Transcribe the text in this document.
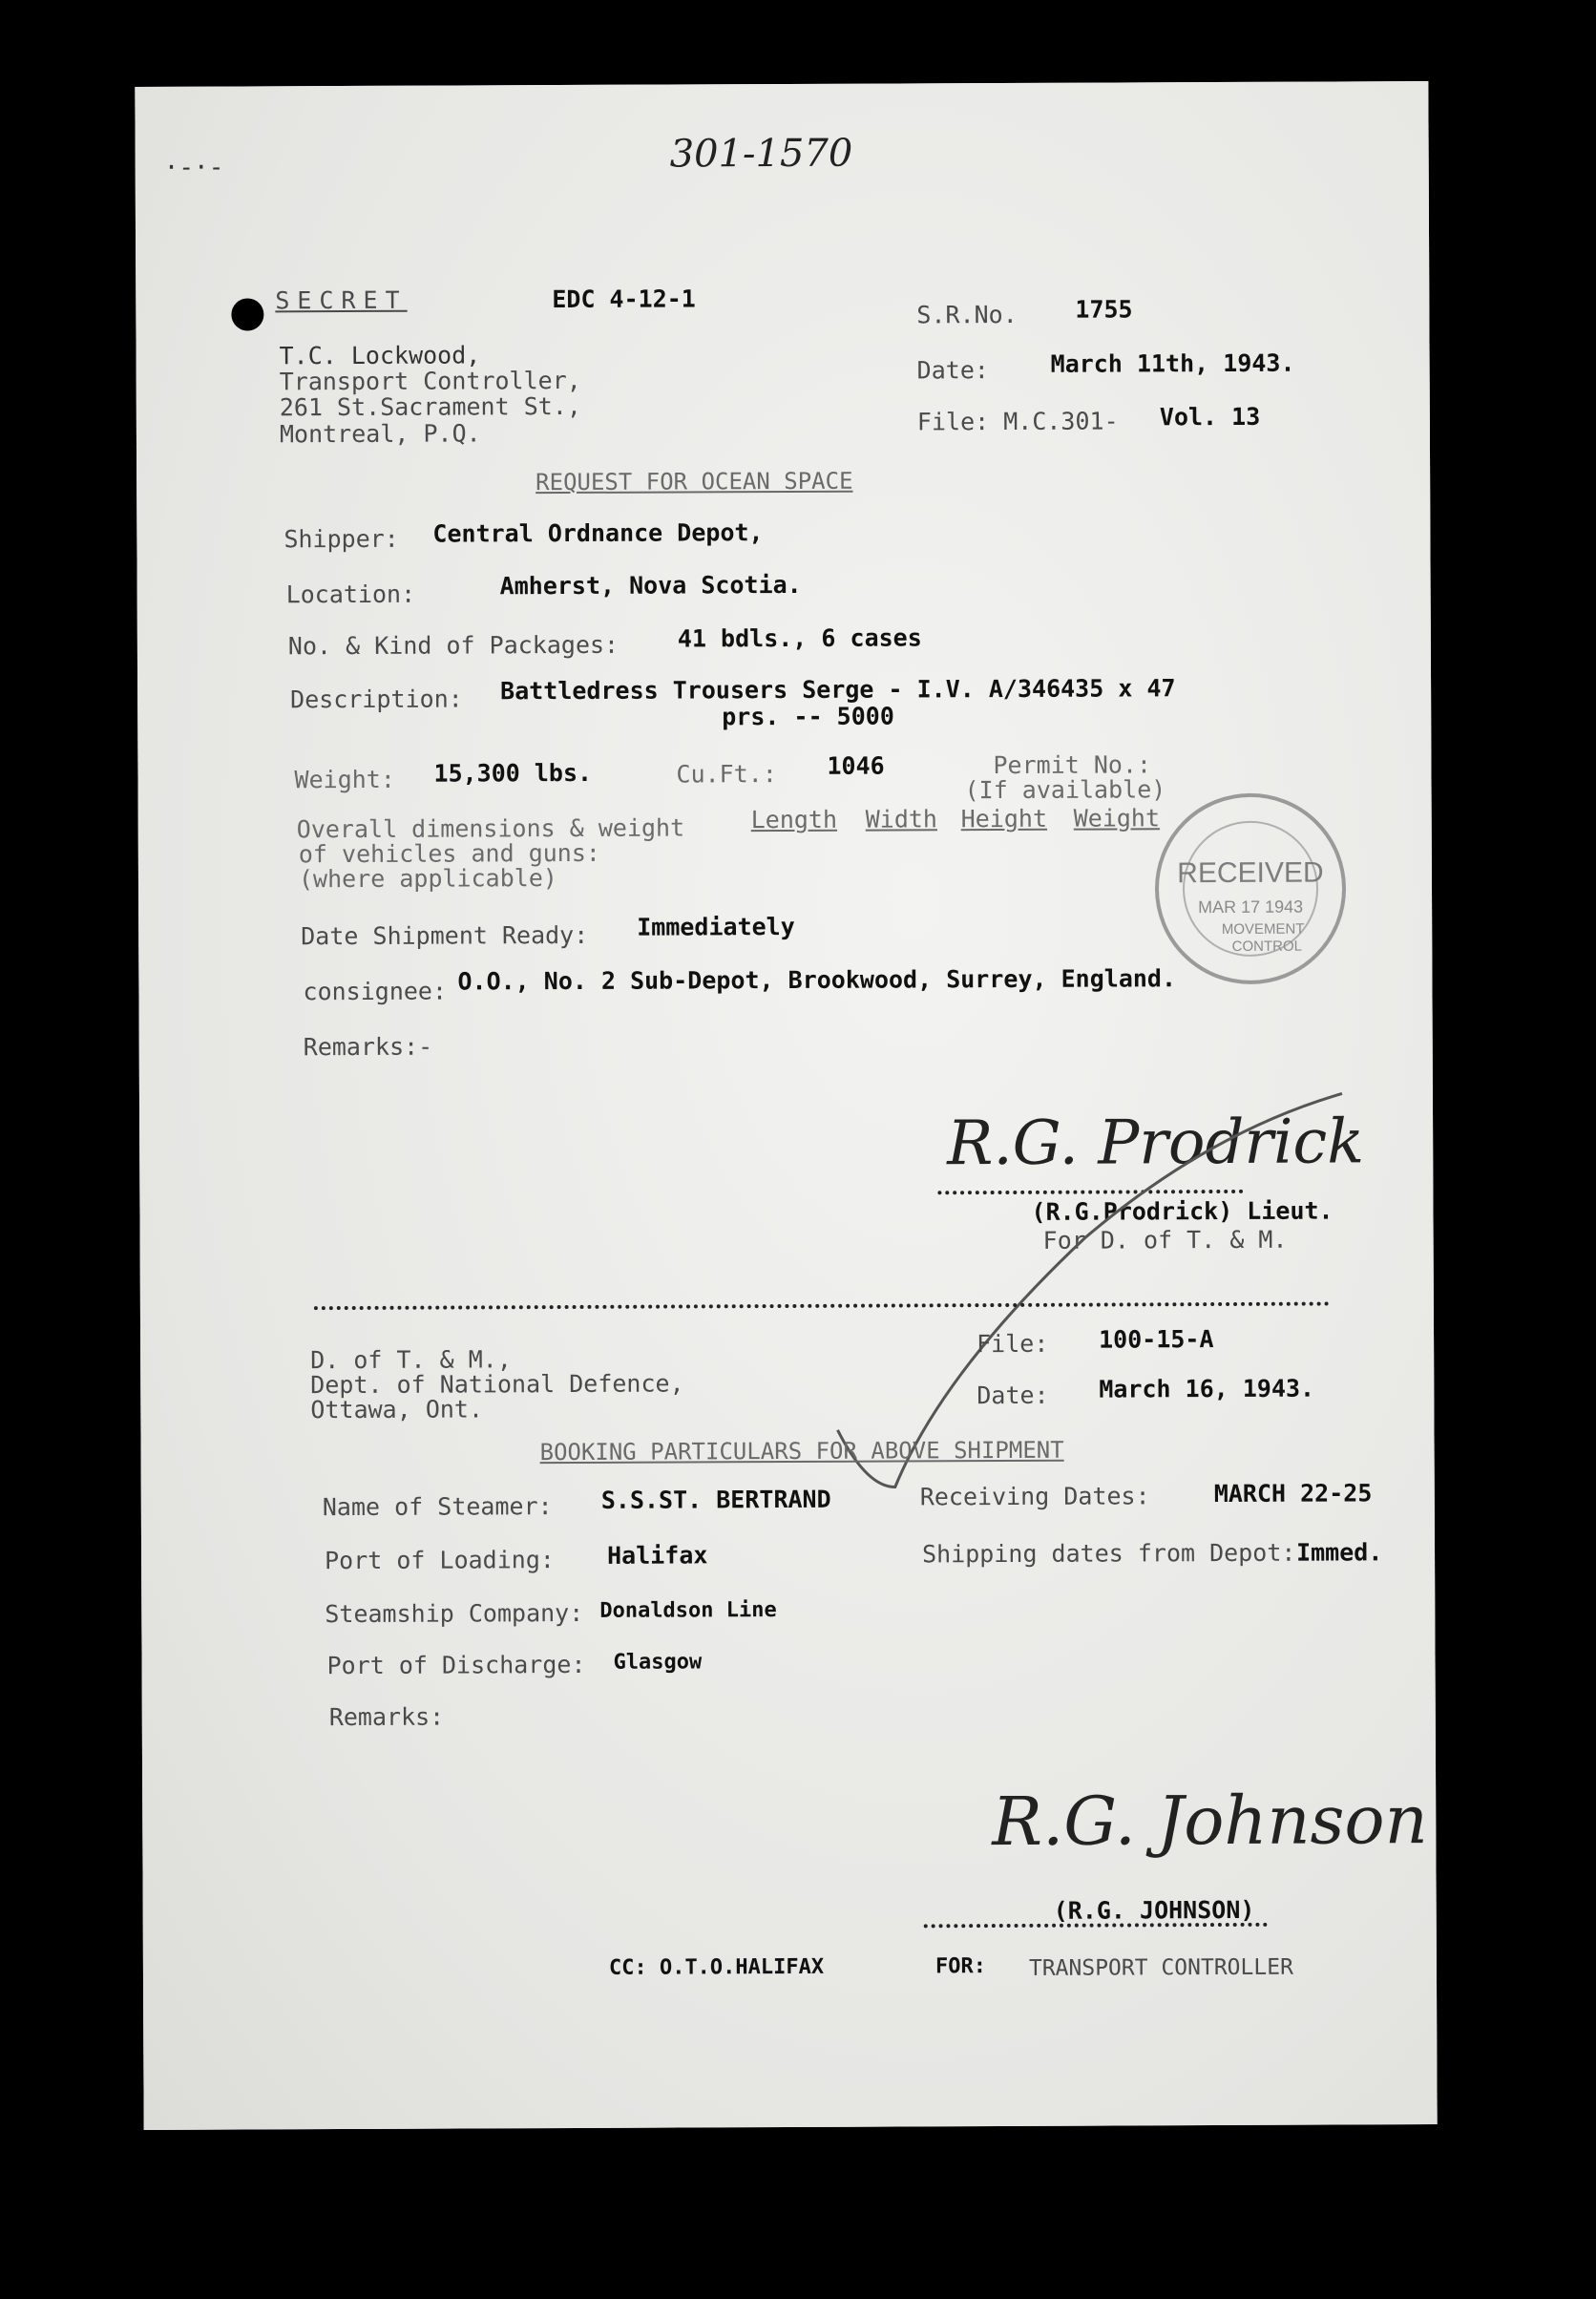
301-1570
·-·-
SECRET	EDC 4-12-1
T.C. Lockwood,
Transport Controller,
261 St.Sacrament St.,
Montreal, P.Q.
S.R.No. 1755
Date:	March 11th, 1943.
File: M.C.301- Vol. 13
REQUEST FOR OCEAN SPACE
Shipper: Central Ordnance Depot,
Location:	Amherst, Nova Scotia.
No. & Kind of Packages: 41 bdls., 6 cases
Description: Battledress Trousers Serge - I.V. A/346435 x 47
prs. -- 5000
Weight: 15,300 lbs.	Cu.Ft.: 1046	Permit No.:
(If available)
Overall dimensions & weight
of vehicles and guns:
(where applicable)
Length Width Height Weight
Date Shipment Ready: Immediately
consignee: O.O., No. 2 Sub-Depot, Brookwood, Surrey, England.
Remarks:-
RECEIVED
MAR 17 1943
MOVEMENT
CONTROL
R.G. Prodrick
(R.G.Prodrick) Lieut.
For D. of T. & M.
D. of T. & M.,
Dept. of National Defence,
Ottawa, Ont.
File: 100-15-A
Date: March 16, 1943.
BOOKING PARTICULARS FOR ABOVE SHIPMENT
Name of Steamer: S.S.ST. BERTRAND	Receiving Dates:	MARCH 22-25
Port of Loading: Halifax	Shipping dates from Depot: Immed.
Steamship Company: Donaldson Line
Port of Discharge: Glasgow
Remarks:
R.G. Johnson
(R.G. JOHNSON)
CC: O.T.O.HALIFAX	FOR: TRANSPORT CONTROLLER
